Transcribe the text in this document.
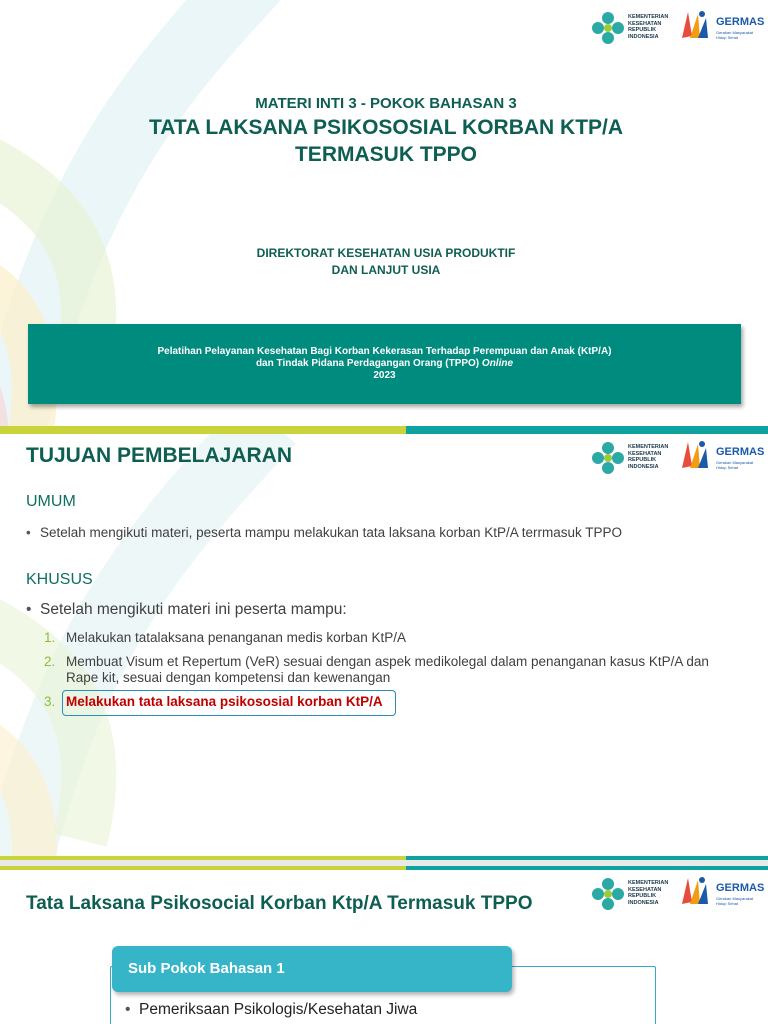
KEMENTERIAN KESEHATAN REPUBLIK INDONESIA
GERMAS
Gerakan Masyarakat Hidup Sehat
MATERI INTI 3 - POKOK BAHASAN 3
TATA LAKSANA PSIKOSOSIAL KORBAN KTP/A
TERMASUK TPPO
DIREKTORAT KESEHATAN USIA PRODUKTIF
DAN LANJUT USIA
Pelatihan Pelayanan Kesehatan Bagi Korban Kekerasan Terhadap Perempuan dan Anak (KtP/A)
dan Tindak Pidana Perdagangan Orang (TPPO) Online
2023
KEMENTERIAN KESEHATAN REPUBLIK INDONESIA
GERMAS
Gerakan Masyarakat Hidup Sehat
TUJUAN PEMBELAJARAN
UMUM
• Setelah mengikuti materi, peserta mampu melakukan tata laksana korban KtP/A terrmasuk TPPO
KHUSUS
• Setelah mengikuti materi ini peserta mampu:
1. Melakukan tatalaksana penanganan medis korban KtP/A
2. Membuat Visum et Repertum (VeR) sesuai dengan aspek medikolegal dalam penanganan kasus KtP/A dan Rape kit, sesuai dengan kompetensi dan kewenangan
3. Melakukan tata laksana psikososial korban KtP/A
KEMENTERIAN KESEHATAN REPUBLIK INDONESIA
GERMAS
Gerakan Masyarakat Hidup Sehat
Tata Laksana Psikosocial Korban Ktp/A Termasuk TPPO
Sub Pokok Bahasan 1
• Pemeriksaan Psikologis/Kesehatan Jiwa
